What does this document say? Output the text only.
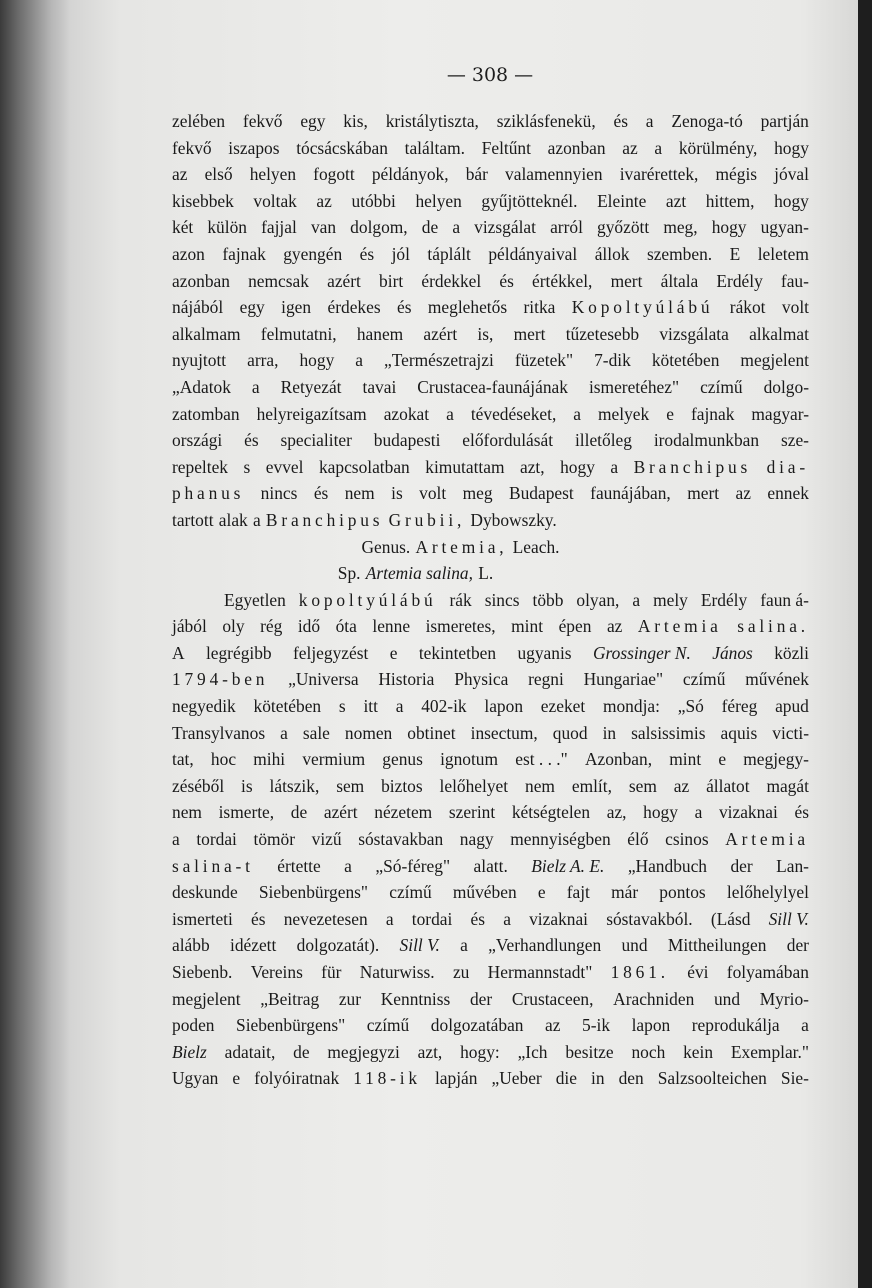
— 308 —
zelében fekvő egy kis, kristálytiszta, sziklásfenekü, és a Zenoga-tó partján
fekvő iszapos tócsácskában találtam. Feltűnt azonban az a körülmény, hogy
az első helyen fogott példányok, bár valamennyien ivarérettek, mégis jóval
kisebbek voltak az utóbbi helyen gyűjtötteknél. Eleinte azt hittem, hogy
két külön fajjal van dolgom, de a vizsgálat arról győzött meg, hogy ugyan-
azon fajnak gyengén és jól táplált példányaival állok szemben. E leletem
azonban nemcsak azért birt érdekkel és értékkel, mert általa Erdély fau-
nájából egy igen érdekes és meglehetős ritka Kopoltyúlábú rákot volt
alkalmam felmutatni, hanem azért is, mert tűzetesebb vizsgálata alkalmat
nyujtott arra, hogy a „Természetrajzi füzetek" 7-dik kötetében megjelent
„Adatok a Retyezát tavai Crustacea-faunájának ismeretéhez" czímű dolgo-
zatomban helyreigazítsam azokat a tévedéseket, a melyek e fajnak magyar-
országi és specialiter budapesti előfordulását illetőleg irodalmunkban sze-
repeltek s evvel kapcsolatban kimutattam azt, hogy a Branchipus dia-
phanus nincs és nem is volt meg Budapest faunájában, mert az ennek
tartott alak a Branchipus Grubii, Dybowszky.
Genus. Artemia, Leach.
Sp. Artemia salina, L.
Egyetlen kopoltyúlábú rák sincs több olyan, a mely Erdély faun á-
jából oly rég idő óta lenne ismeretes, mint épen az Artemia salina.
A legrégibb feljegyzést e tekintetben ugyanis Grossinger N. János közli
1794-ben „Universa Historia Physica regni Hungariae" czímű művének
negyedik kötetében s itt a 402-ik lapon ezeket mondja: „Só féreg apud
Transylvanos a sale nomen obtinet insectum, quod in salsissimis aquis victi-
tat, hoc mihi vermium genus ignotum est . . ." Azonban, mint e megjegy-
zéséből is látszik, sem biztos lelőhelyet nem említ, sem az állatot magát
nem ismerte, de azért nézetem szerint kétségtelen az, hogy a vizaknai és
a tordai tömör vizű sóstavakban nagy mennyiségben élő csinos Artemia
salina-t értette a „Só-féreg" alatt. Bielz A. E. „Handbuch der Lan-
deskunde Siebenbürgens" czímű művében e fajt már pontos lelőhelylyel
ismerteti és nevezetesen a tordai és a vizaknai sóstavakból. (Lásd Sill V.
alább idézett dolgozatát). Sill V. a „Verhandlungen und Mittheilungen der
Siebenb. Vereins für Naturwiss. zu Hermannstadt" 1861. évi folyamában
megjelent „Beitrag zur Kenntniss der Crustaceen, Arachniden und Myrio-
poden Siebenbürgens" czímű dolgozatában az 5-ik lapon reprodukálja a
Bielz adatait, de megjegyzi azt, hogy: „Ich besitze noch kein Exemplar."
Ugyan e folyóiratnak 118-ik lapján „Ueber die in den Salzsoolteichen Sie-
